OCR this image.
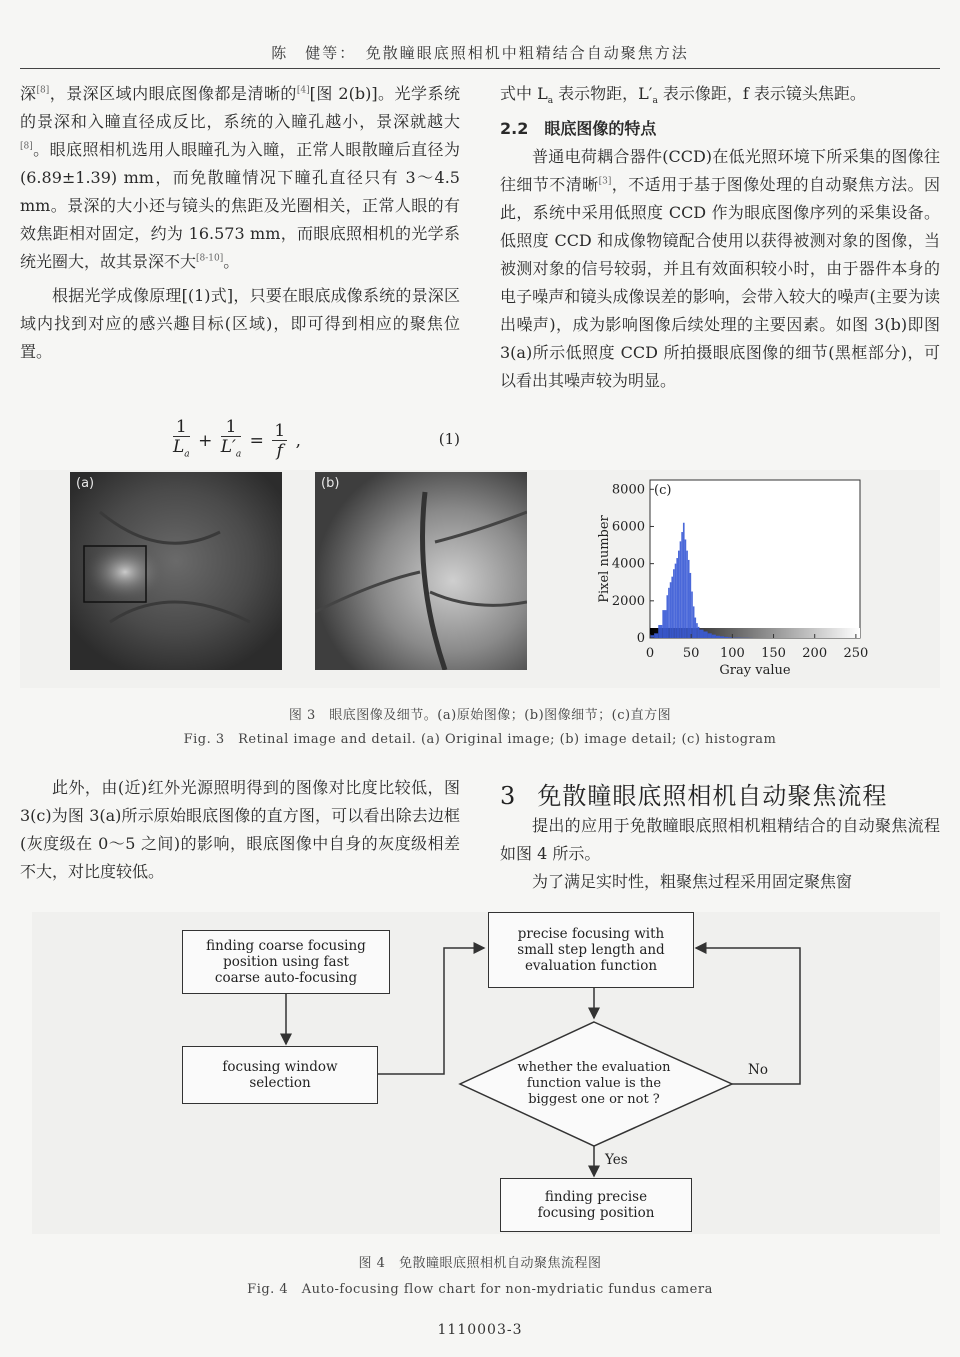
陈　健等：　免散瞳眼底照相机中粗精结合自动聚焦方法

深[8]，景深区域内眼底图像都是清晰的[4][图 2(b)]。光学系统的景深和入瞳直径成反比，系统的入瞳孔越小，景深就越大[8]。眼底照相机选用人眼瞳孔为入瞳，正常人眼散瞳后直径为(6.89±1.39) mm，而免散瞳情况下瞳孔直径只有 3～4.5 mm。景深的大小还与镜头的焦距及光圈相关，正常人眼的有效焦距相对固定，约为 16.573 mm，而眼底照相机的光学系统光圈大，故其景深不大[8-10]。

根据光学成像原理[(1)式]，只要在眼底成像系统的景深区域内找到对应的感兴趣目标(区域)，即可得到相应的聚焦位置。

$\frac{1}{L_a} + \frac{1}{L'_a} = \frac{1}{f}$ ,	(1)

式中 $L_a$ 表示物距，$L'_a$ 表示像距，f 表示镜头焦距。

2.2　眼底图像的特点

普通电荷耦合器件(CCD)在低光照环境下所采集的图像往往细节不清晰[3]，不适用于基于图像处理的自动聚焦方法。因此，系统中采用低照度 CCD 作为眼底图像序列的采集设备。低照度 CCD 和成像物镜配合使用以获得被测对象的图像，当被测对象的信号较弱，并且有效面积较小时，由于器件本身的电子噪声和镜头成像误差的影响，会带入较大的噪声(主要为读出噪声)，成为影响图像后续处理的主要因素。如图 3(b)即图 3(a)所示低照度 CCD 所拍摄眼底图像的细节(黑框部分)，可以看出其噪声较为明显。

(a)	(b)
0 50 100 150 200 250
0
2000
4000
6000
8000
Gray value
Pixel number
(c)
图 3　眼底图像及细节。(a)原始图像；(b)图像细节；(c)直方图
Fig. 3　Retinal image and detail. (a) Original image; (b) image detail; (c) histogram
此外，由(近)红外光源照明得到的图像对比度比较低，图 3(c)为图 3(a)所示原始眼底图像的直方图，可以看出除去边框(灰度级在 0～5 之间)的影响，眼底图像中自身的灰度级相差不大，对比度较低。
3 免散瞳眼底照相机自动聚焦流程

提出的应用于免散瞳眼底照相机粗精结合的自动聚焦流程如图 4 所示。

为了满足实时性，粗聚焦过程采用固定聚焦窗

finding coarse focusing
position using fast
coarse auto-focusing
focusing window
selection
precise focusing with
small step length and
evaluation function
whether the evaluation
function value is the
biggest one or not ?
No
Yes
finding precise
focusing position
图 4　免散瞳眼底照相机自动聚焦流程图
Fig. 4　Auto-focusing flow chart for non-mydriatic fundus camera
1110003-3
